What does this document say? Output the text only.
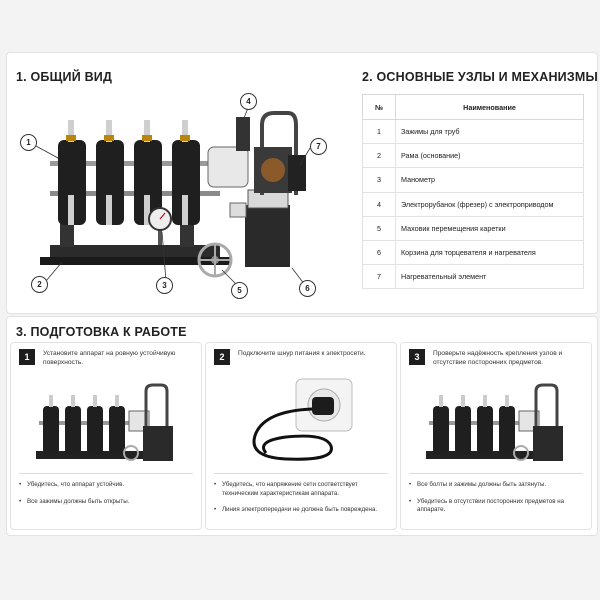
1. ОБЩИЙ ВИД	2. ОСНОВНЫЕ УЗЛЫ И МЕХАНИЗМЫ
1
2	3
4
5	6
7
№	Наименование
1	Зажимы для труб
2	Рама (основание)
3	Манометр
4	Электрорубанок (фрезер) с электроприводом
5	Маховик перемещения каретки
6	Корзина для торцевателя и нагревателя
7	Нагревательный элемент
3. ПОДГОТОВКА К РАБОТЕ
1	Установите аппарат на ровную устойчивую поверхность.
• Убедитесь, что аппарат устойчив.
• Все зажимы должны быть открыты.
2	Подключите шнур питания к электросети.
• Убедитесь, что напряжение сети соответствует техническим характеристикам аппарата.
• Линия электропередачи не должна быть повреждена.
3	Проверьте надёжность крепления узлов и отсутствие посторонних предметов.
• Все болты и зажимы должны быть затянуты.
• Убедитесь в отсутствии посторонних предметов на аппарате.
